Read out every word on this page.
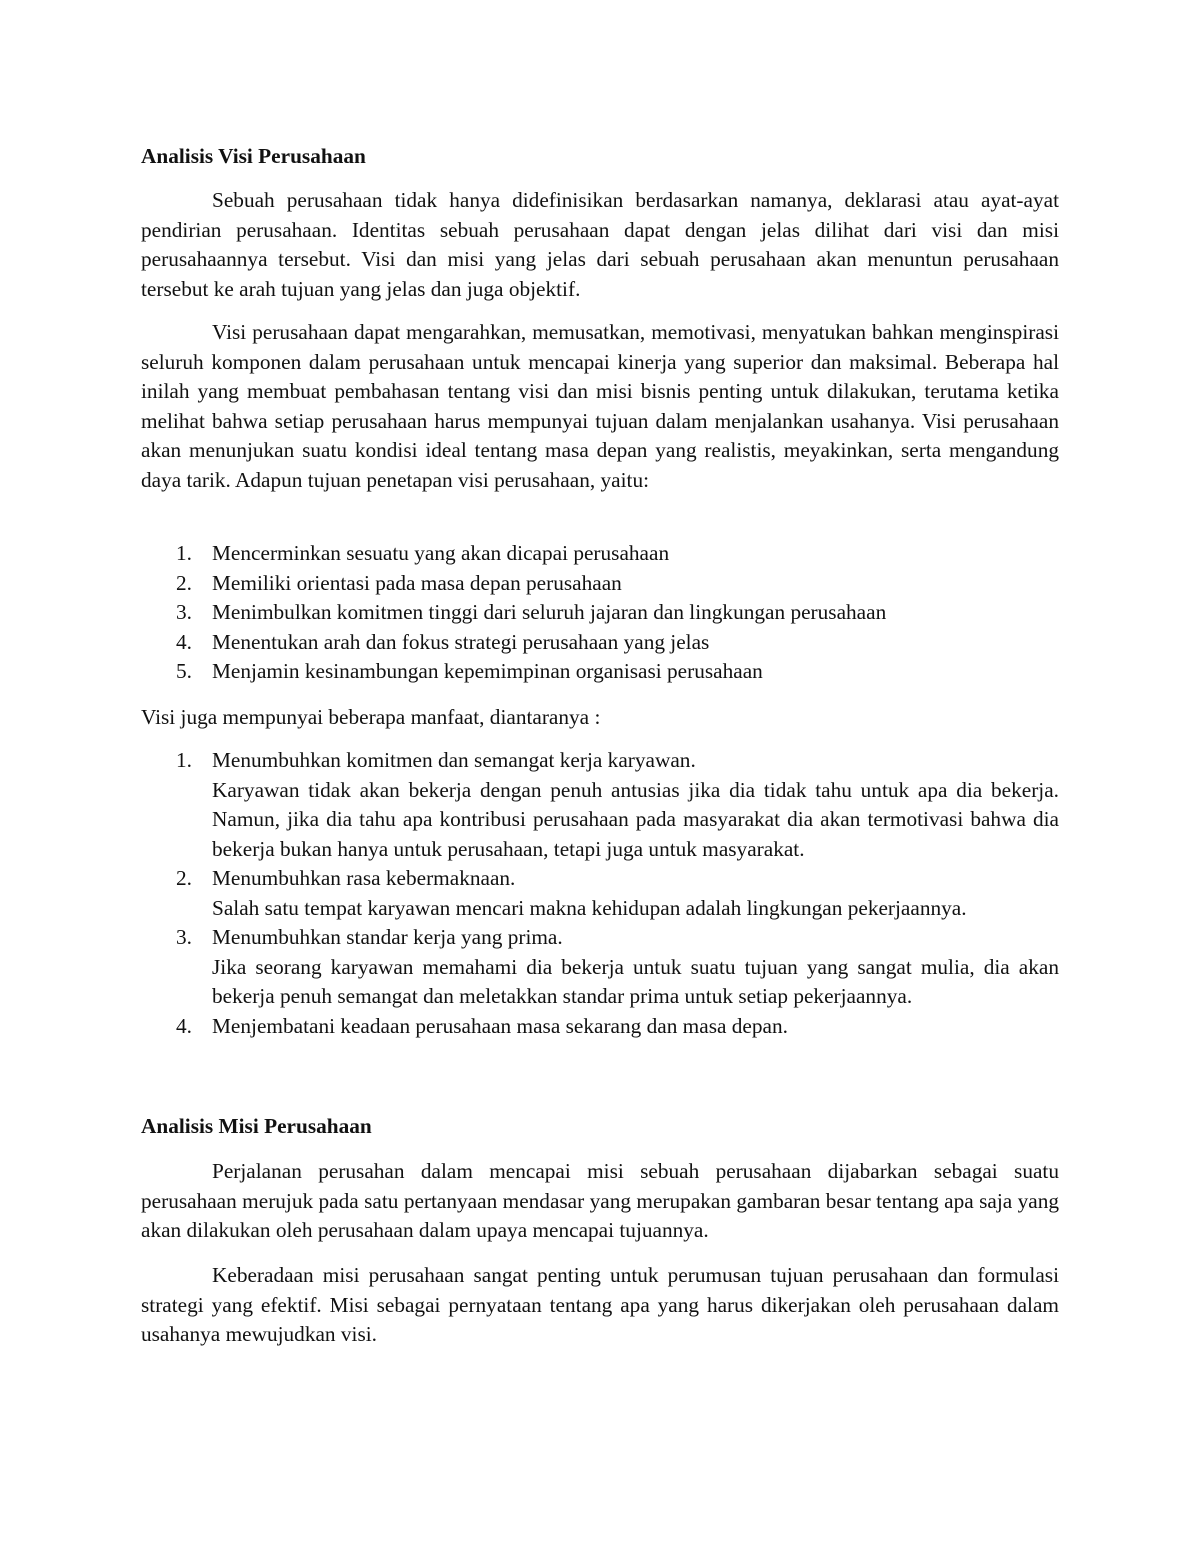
Analisis Visi Perusahaan

Sebuah perusahaan tidak hanya didefinisikan berdasarkan namanya, deklarasi atau ayat-ayat pendirian perusahaan. Identitas sebuah perusahaan dapat dengan jelas dilihat dari visi dan misi perusahaannya tersebut. Visi dan misi yang jelas dari sebuah perusahaan akan menuntun perusahaan tersebut ke arah tujuan yang jelas dan juga objektif.

Visi perusahaan dapat mengarahkan, memusatkan, memotivasi, menyatukan bahkan menginspirasi seluruh komponen dalam perusahaan untuk mencapai kinerja yang superior dan maksimal. Beberapa hal inilah yang membuat pembahasan tentang visi dan misi bisnis penting untuk dilakukan, terutama ketika melihat bahwa setiap perusahaan harus mempunyai tujuan dalam menjalankan usahanya. Visi perusahaan akan menunjukan suatu kondisi ideal tentang masa depan yang realistis, meyakinkan, serta mengandung daya tarik. Adapun tujuan penetapan visi perusahaan, yaitu:

1. Mencerminkan sesuatu yang akan dicapai perusahaan
2. Memiliki orientasi pada masa depan perusahaan
3. Menimbulkan komitmen tinggi dari seluruh jajaran dan lingkungan perusahaan
4. Menentukan arah dan fokus strategi perusahaan yang jelas
5. Menjamin kesinambungan kepemimpinan organisasi perusahaan

Visi juga mempunyai beberapa manfaat, diantaranya :

1. Menumbuhkan komitmen dan semangat kerja karyawan.
Karyawan tidak akan bekerja dengan penuh antusias jika dia tidak tahu untuk apa dia bekerja. Namun, jika dia tahu apa kontribusi perusahaan pada masyarakat dia akan termotivasi bahwa dia bekerja bukan hanya untuk perusahaan, tetapi juga untuk masyarakat.
2. Menumbuhkan rasa kebermaknaan.
Salah satu tempat karyawan mencari makna kehidupan adalah lingkungan pekerjaannya.
3. Menumbuhkan standar kerja yang prima.
Jika seorang karyawan memahami dia bekerja untuk suatu tujuan yang sangat mulia, dia akan bekerja penuh semangat dan meletakkan standar prima untuk setiap pekerjaannya.
4. Menjembatani keadaan perusahaan masa sekarang dan masa depan.
Analisis Misi Perusahaan

Perjalanan perusahan dalam mencapai misi sebuah perusahaan dijabarkan sebagai suatu perusahaan merujuk pada satu pertanyaan mendasar yang merupakan gambaran besar tentang apa saja yang akan dilakukan oleh perusahaan dalam upaya mencapai tujuannya.

Keberadaan misi perusahaan sangat penting untuk perumusan tujuan perusahaan dan formulasi strategi yang efektif. Misi sebagai pernyataan tentang apa yang harus dikerjakan oleh perusahaan dalam usahanya mewujudkan visi.
